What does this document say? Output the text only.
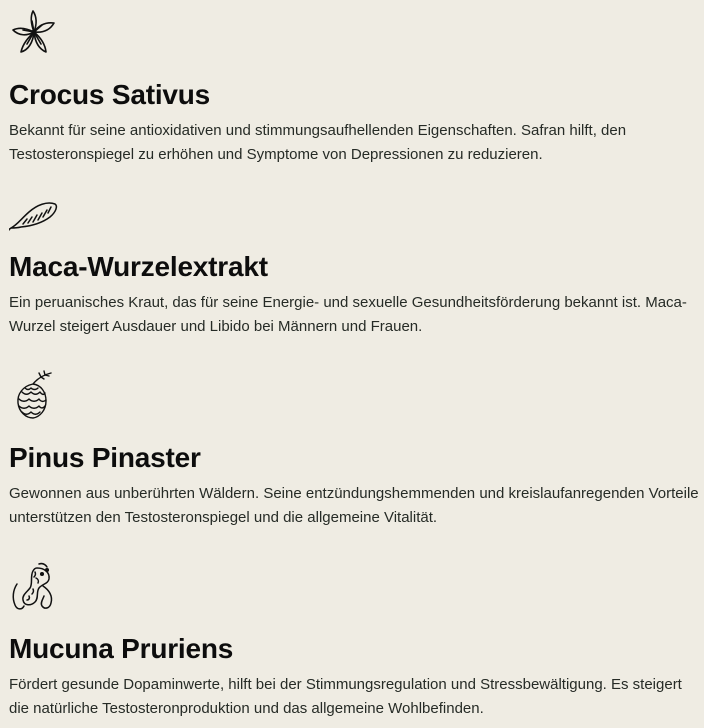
Crocus Sativus

Bekannt für seine antioxidativen und stimmungsaufhellenden Eigenschaften. Safran hilft, den Testosteronspiegel zu erhöhen und Symptome von Depressionen zu reduzieren.

Maca-Wurzelextrakt

Ein peruanisches Kraut, das für seine Energie- und sexuelle Gesundheitsförderung bekannt ist. Maca-Wurzel steigert Ausdauer und Libido bei Männern und Frauen.

Pinus Pinaster

Gewonnen aus unberührten Wäldern. Seine entzündungshemmenden und kreislaufanregenden Vorteile unterstützen den Testosteronspiegel und die allgemeine Vitalität.

Mucuna Pruriens

Fördert gesunde Dopaminwerte, hilft bei der Stimmungsregulation und Stressbewältigung. Es steigert die natürliche Testosteronproduktion und das allgemeine Wohlbefinden.
